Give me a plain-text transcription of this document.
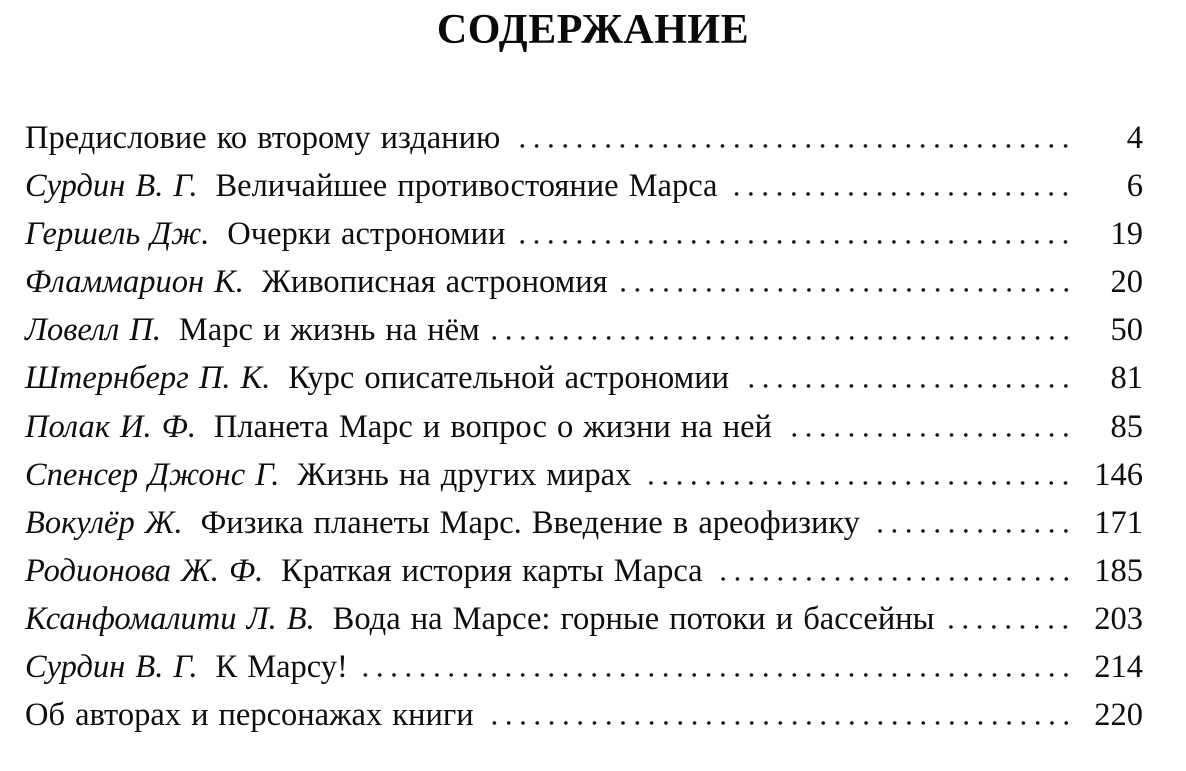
СОДЕРЖАНИЕ
Предисловие ко второму изданию	4
Сурдин В. Г. Величайшее противостояние Марса	6
Гершель Дж. Очерки астрономии	19
Фламмарион К. Живописная астрономия	20
Ловелл П. Марс и жизнь на нём	50
Штернберг П. К. Курс описательной астрономии	81
Полак И. Ф. Планета Марс и вопрос о жизни на ней	85
Спенсер Джонс Г. Жизнь на других мирах	146
Вокулёр Ж. Физика планеты Марс. Введение в ареофизику	171
Родионова Ж. Ф. Краткая история карты Марса	185
Ксанфомалити Л. В. Вода на Марсе: горные потоки и бассейны	203
Сурдин В. Г. К Марсу!	214
Об авторах и персонажах книги	220
